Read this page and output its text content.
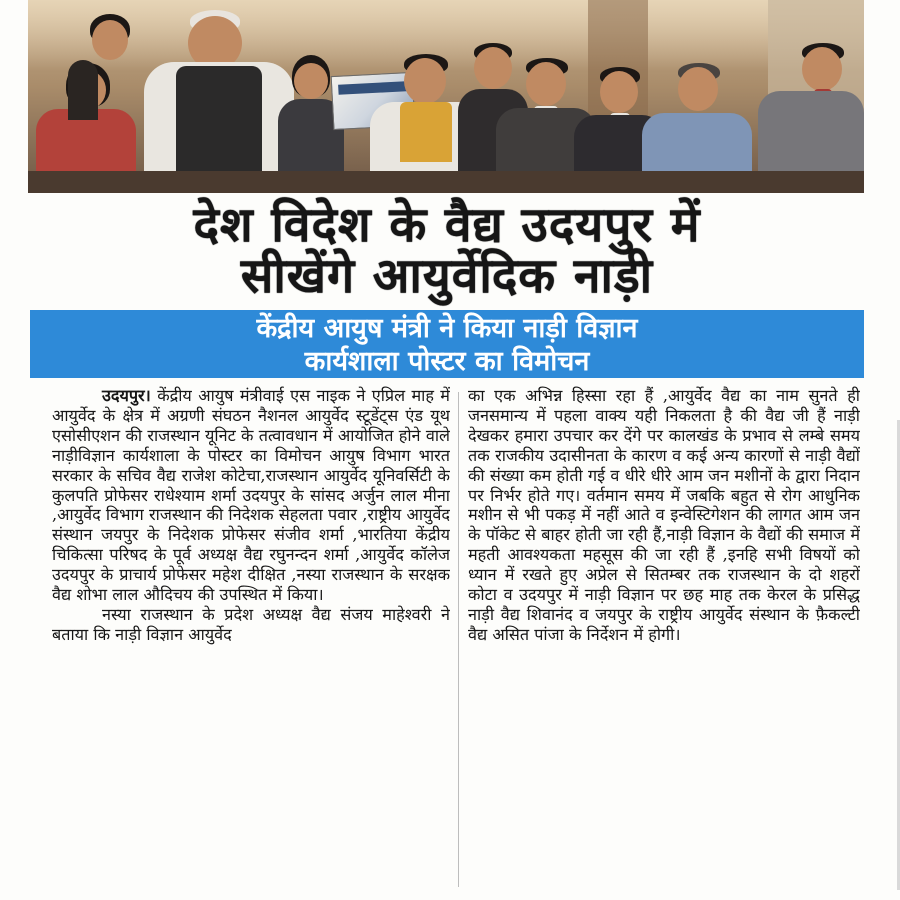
देश विदेश के वैद्य उदयपुर में
सीखेंगे आयुर्वेदिक नाड़ी
केंद्रीय आयुष मंत्री ने किया नाड़ी विज्ञान
कार्यशाला पोस्टर का विमोचन

उदयपुर। केंद्रीय आयुष मंत्रीवाई एस नाइक ने एप्रिल माह में आयुर्वेद के क्षेत्र में अग्रणी संघठन नैशनल आयुर्वेद स्टूडेंट्स एंड यूथ एसोसीएशन की राजस्थान यूनिट के तत्वावधान में आयोजित होने वाले नाड़ीविज्ञान कार्यशाला के पोस्टर का विमोचन आयुष विभाग भारत सरकार के सचिव वैद्य राजेश कोटेचा,राजस्थान आयुर्वेद यूनिवर्सिटी के कुलपति प्रोफेसर राधेश्याम शर्मा उदयपुर के सांसद अर्जुन लाल मीना ,आयुर्वेद विभाग राजस्थान की निदेशक सेहलता पवार ,राष्ट्रीय आयुर्वेद संस्थान जयपुर के निदेशक प्रोफेसर संजीव शर्मा ,भारतिया केंद्रीय चिकित्सा परिषद के पूर्व अध्यक्ष वैद्य रघुनन्दन शर्मा ,आयुर्वेद कॉलेज उदयपुर के प्राचार्य प्रोफेसर महेश दीक्षित ,नस्या राजस्थान के सरक्षक वैद्य शोभा लाल औदिचय की उपस्थित में किया।

नस्या राजस्थान के प्रदेश अध्यक्ष वैद्य संजय माहेश्वरी ने बताया कि नाड़ी विज्ञान आयुर्वेद

का एक अभिन्न हिस्सा रहा हैं ,आयुर्वेद वैद्य का नाम सुनते ही जनसमान्य में पहला वाक्य यही निकलता है की वैद्य जी हैं नाड़ी देखकर हमारा उपचार कर देंगे पर कालखंड के प्रभाव से लम्बे समय तक राजकीय उदासीनता के कारण व कई अन्य कारणों से नाड़ी वैद्यों की संख्या कम होती गई व धीरे धीरे आम जन मशीनों के द्वारा निदान पर निर्भर होते गए। वर्तमान समय में जबकि बहुत से रोग आधुनिक मशीन से भी पकड़ में नहीं आते व इन्वेस्टिगेशन की लागत आम जन के पॉकेट से बाहर होती जा रही हैं,नाड़ी विज्ञान के वैद्यों की समाज में महती आवश्यकता महसूस की जा रही हैं ,इनहि सभी विषयों को ध्यान में रखते हुए अप्रेल से सितम्बर तक राजस्थान के दो शहरों कोटा व उदयपुर में नाड़ी विज्ञान पर छह माह तक केरल के प्रसिद्ध नाड़ी वैद्य शिवानंद व जयपुर के राष्ट्रीय आयुर्वेद संस्थान के फ़ैकल्टी वैद्य असित पांजा के निर्देशन में होगी।
